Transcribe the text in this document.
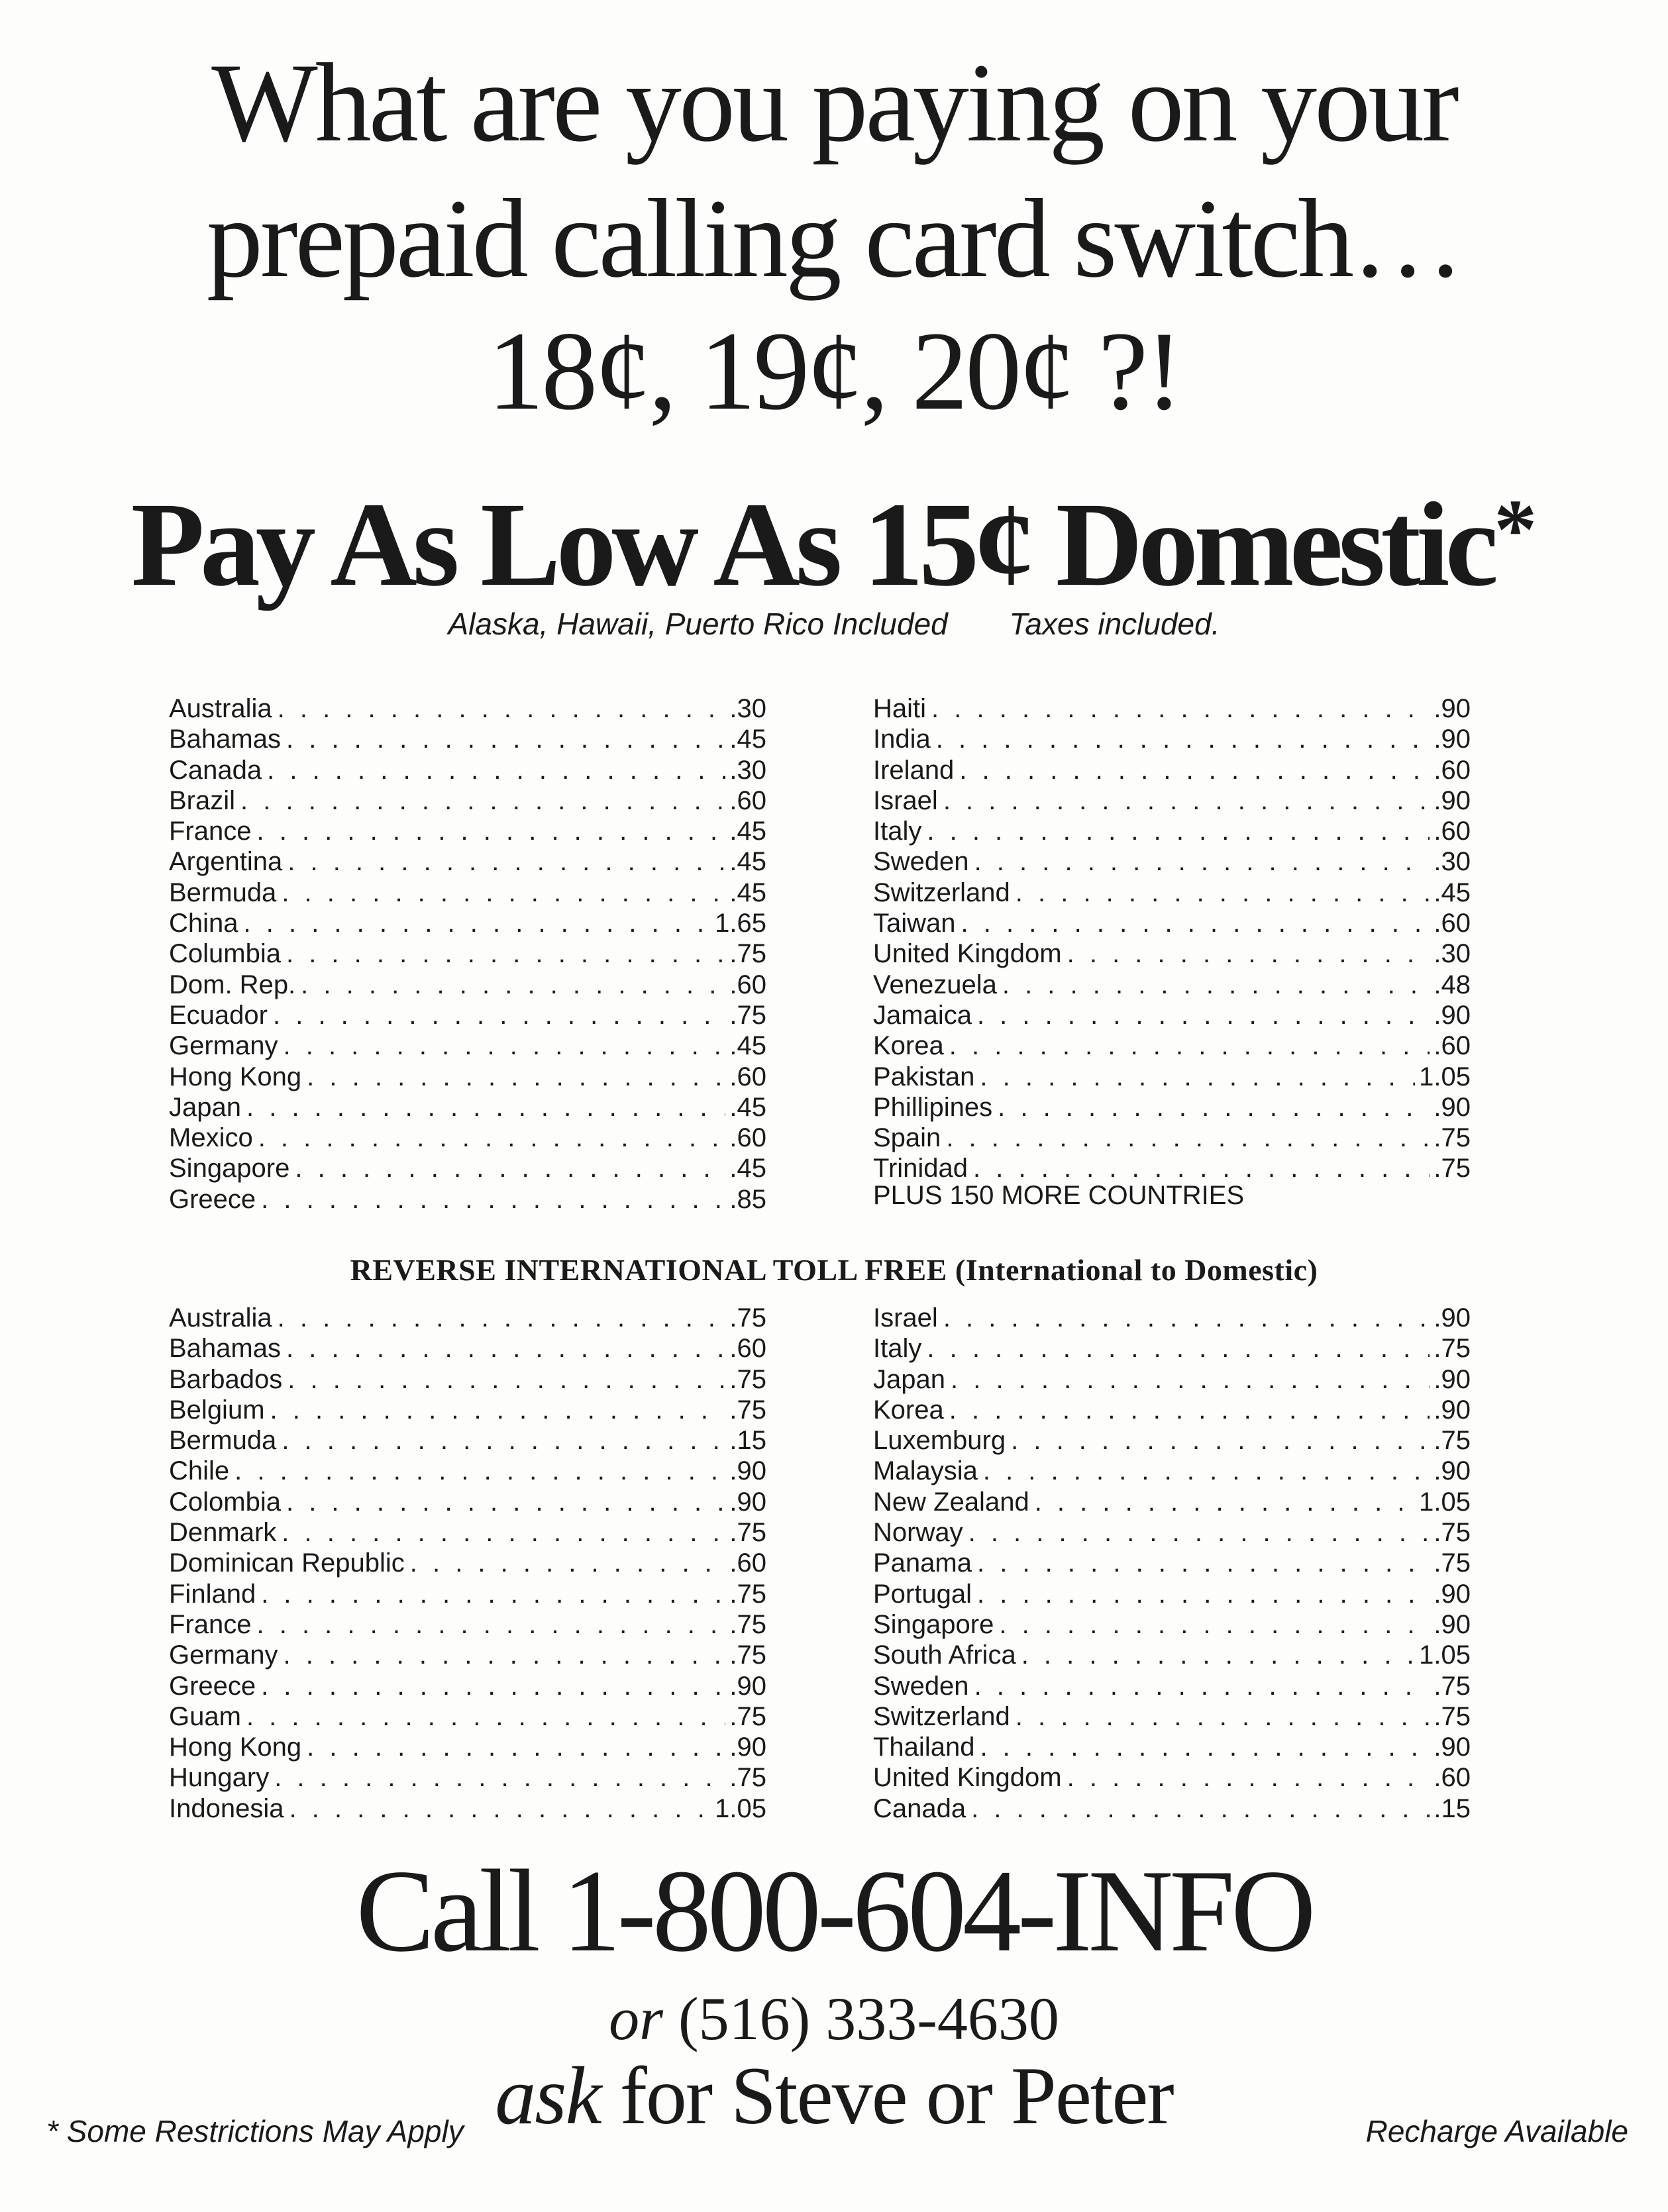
What are you paying on your
prepaid calling card switch…
18¢, 19¢, 20¢ ?!
Pay As Low As 15¢ Domestic*
Alaska, Hawaii, Puerto Rico Included Taxes included.
Australia . . .	.30
Bahamas . . .	.45
Canada . . .	.30
Brazil . . .	.60
France . . .	.45
Argentina . . .	.45
Bermuda . . .	.45
China . . .	1.65
Columbia . . .	.75
Dom. Rep. . . .	.60
Ecuador . . .	.75
Germany . . .	.45
Hong Kong . . .	.60
Japan . . .	.45
Mexico . . .	.60
Singapore . . .	.45
Greece . . .	.85
Haiti . . .	.90
India . . .	.90
Ireland . . .	.60
Israel . . .	.90
Italy . . .	.60
Sweden . . .	.30
Switzerland . . .	.45
Taiwan . . .	.60
United Kingdom . . .	.30
Venezuela . . .	.48
Jamaica . . .	.90
Korea . . .	.60
Pakistan . . .	1.05
Phillipines . . .	.90
Spain . . .	.75
Trinidad . . .	.75
PLUS 150 MORE COUNTRIES
REVERSE INTERNATIONAL TOLL FREE (International to Domestic)
Australia . . .	.75
Bahamas . . .	.60
Barbados . . .	.75
Belgium . . .	.75
Bermuda . . .	.15
Chile . . .	.90
Colombia . . .	.90
Denmark . . .	.75
Dominican Republic . . .	.60
Finland . . .	.75
France . . .	.75
Germany . . .	.75
Greece . . .	.90
Guam . . .	.75
Hong Kong . . .	.90
Hungary . . .	.75
Indonesia . . .	1.05
Israel . . .	.90
Italy . . .	.75
Japan . . .	.90
Korea . . .	.90
Luxemburg . . .	.75
Malaysia . . .	.90
New Zealand . . .	1.05
Norway . . .	.75
Panama . . .	.75
Portugal . . .	.90
Singapore . . .	.90
South Africa . . .	1.05
Sweden . . .	.75
Switzerland . . .	.75
Thailand . . .	.90
United Kingdom . . .	.60
Canada . . .	.15
Call 1-800-604-INFO
or (516) 333-4630
ask for Steve or Peter
* Some Restrictions May Apply	Recharge Available
